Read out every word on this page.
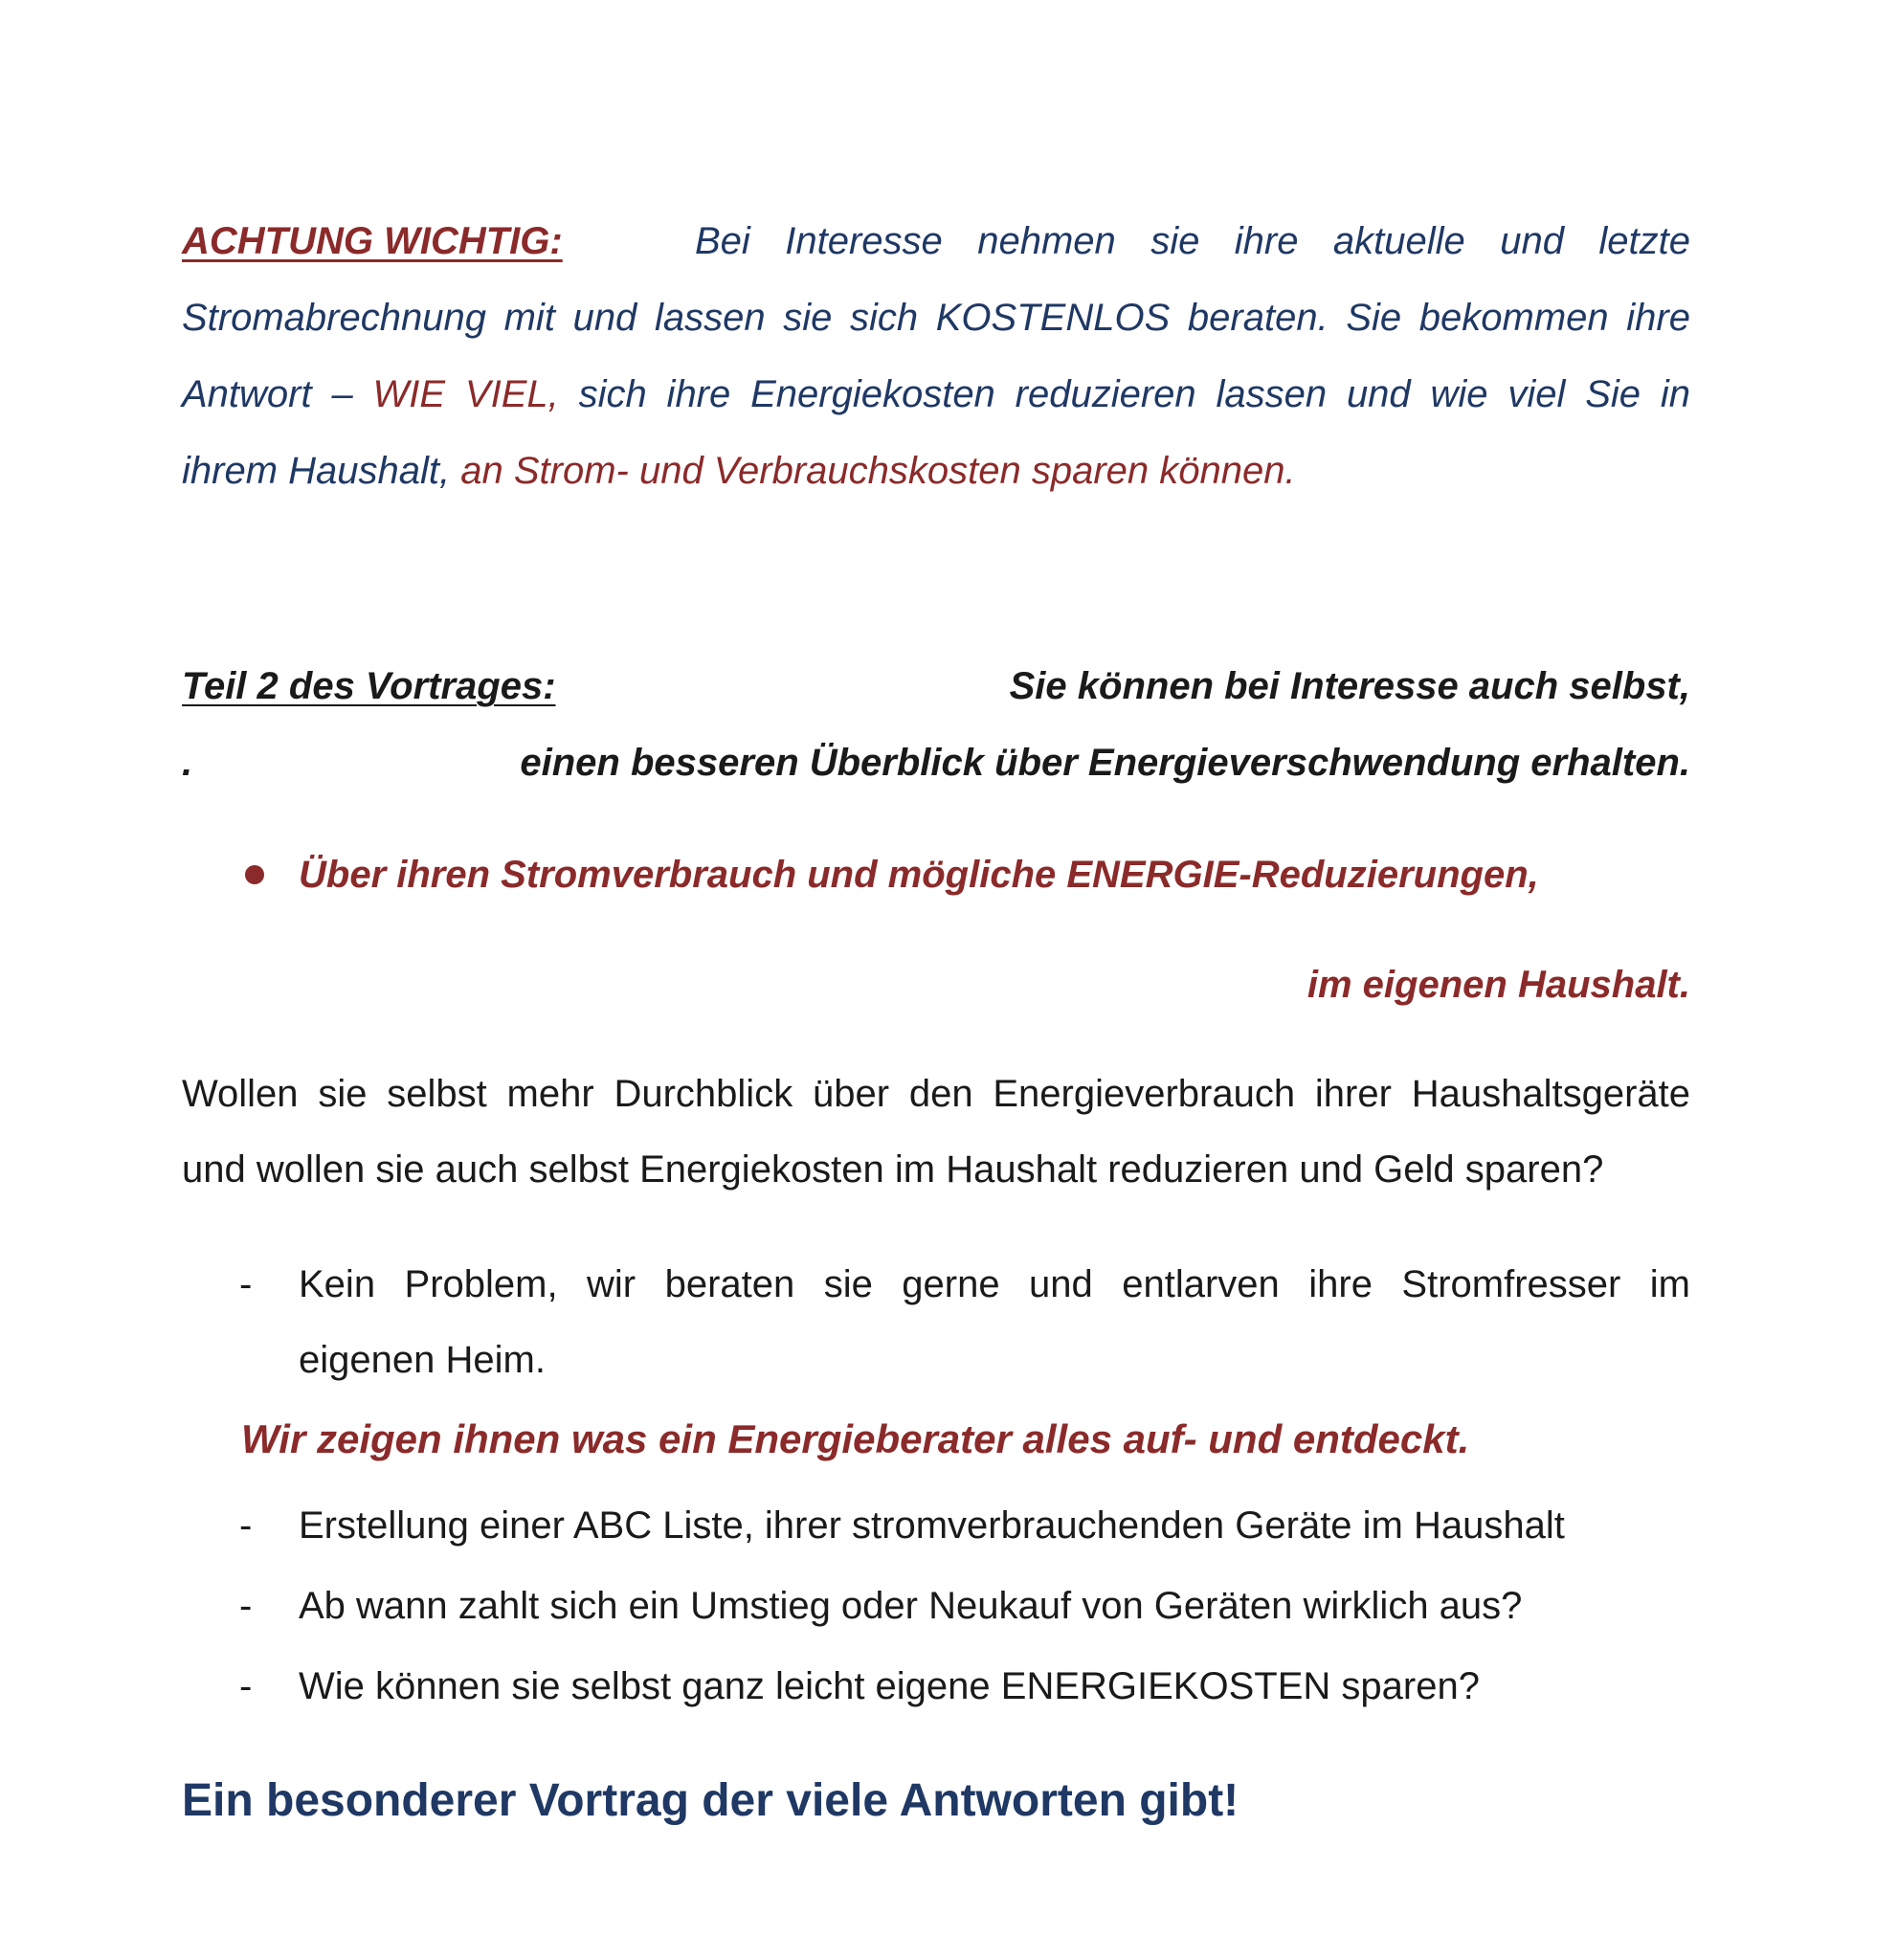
ACHTUNG WICHTIG:	Bei Interesse nehmen sie ihre aktuelle und letzte
Stromabrechnung mit und lassen sie sich KOSTENLOS beraten. Sie bekommen ihre
Antwort – WIE VIEL, sich ihre Energiekosten reduzieren lassen und wie viel Sie in
ihrem Haushalt, an Strom- und Verbrauchskosten sparen können.
Teil 2 des Vortrages:	Sie können bei Interesse auch selbst,
.	einen besseren Überblick über Energieverschwendung erhalten.
Über ihren Stromverbrauch und mögliche ENERGIE-Reduzierungen,
im eigenen Haushalt.
Wollen sie selbst mehr Durchblick über den Energieverbrauch ihrer Haushaltsgeräte
und wollen sie auch selbst Energiekosten im Haushalt reduzieren und Geld sparen?
- Kein Problem, wir beraten sie gerne und entlarven ihre Stromfresser im
eigenen Heim.
Wir zeigen ihnen was ein Energieberater alles auf- und entdeckt.
- Erstellung einer ABC Liste, ihrer stromverbrauchenden Geräte im Haushalt
- Ab wann zahlt sich ein Umstieg oder Neukauf von Geräten wirklich aus?
- Wie können sie selbst ganz leicht eigene ENERGIEKOSTEN sparen?
Ein besonderer Vortrag der viele Antworten gibt!
